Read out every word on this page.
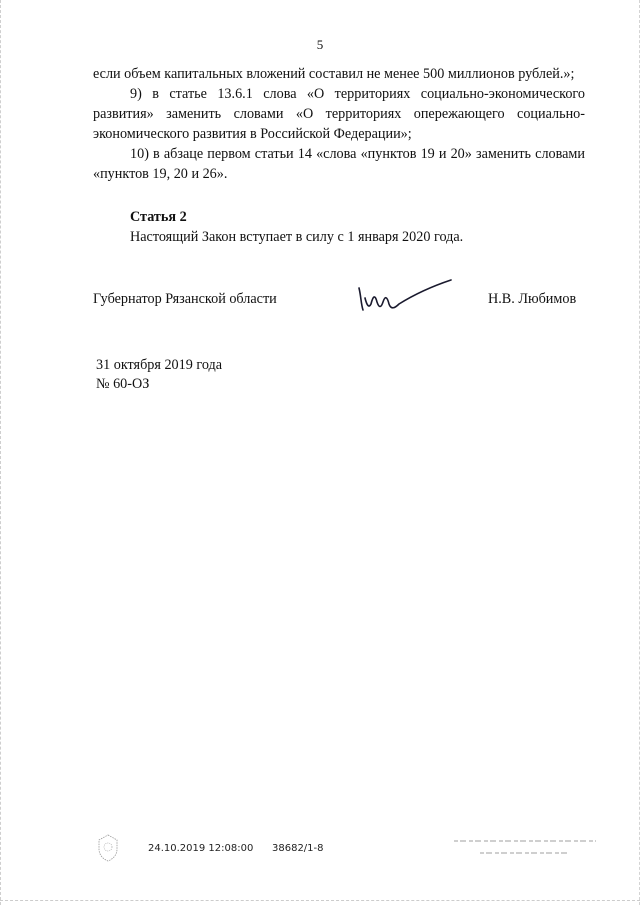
5

если объем капитальных вложений составил не менее 500 миллионов рублей.»;

9) в статье 13.6.1 слова «О территориях социально-экономического развития» заменить словами «О территориях опережающего социально-экономического развития в Российской Федерации»;

10) в абзаце первом статьи 14 «слова «пунктов 19 и 20» заменить словами «пунктов 19, 20 и 26».

Статья 2
Настоящий Закон вступает в силу с 1 января 2020 года.
Губернатор Рязанской области	Н.В. Любимов
31 октября 2019 года
№ 60-ОЗ
24.10.2019 12:08:00 38682/1-8
